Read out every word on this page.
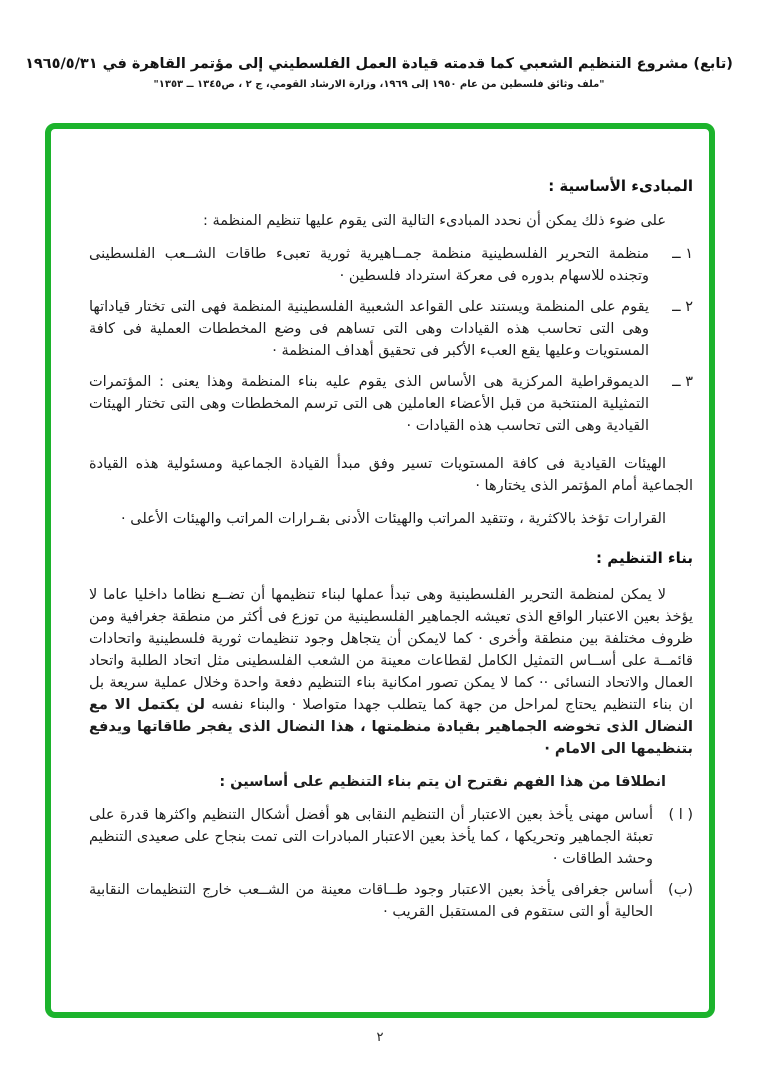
(تابع) مشروع التنظيم الشعبي كما قدمته قيادة العمل الفلسطيني إلى مؤتمر القاهرة في ١٩٦٥/٥/٣١
"ملف وثائق فلسطين من عام ١٩٥٠ إلى ١٩٦٩، وزارة الارشاد القومي، ج ٢ ، ص١٣٤٥ ــ ١٣٥٣"
المبادىء الأساسية :

على ضوء ذلك يمكن أن نحدد المبادىء التالية التى يقوم عليها تنظيم المنظمة :

١ ــ
منظمة التحرير الفلسطينية منظمة جمــاهيرية ثورية تعبىء طاقات الشــعب الفلسطينى وتجنده للاسهام بدوره فى معركة استرداد فلسطين ·
٢ ــ
يقوم على المنظمة ويستند على القواعد الشعبية الفلسطينية المنظمة فهى التى تختار قياداتها وهى التى تحاسب هذه القيادات وهى التى تساهم فى وضع المخططات العملية فى كافة المستويات وعليها يقع العبء الأكبر فى تحقيق أهداف المنظمة ·
٣ ــ
الديموقراطية المركزية هى الأساس الذى يقوم عليه بناء المنظمة وهذا يعنى : المؤتمرات التمثيلية المنتخبة من قبل الأعضاء العاملين هى التى ترسم المخططات وهى التى تختار الهيئات القيادية وهى التى تحاسب هذه القيادات ·

الهيئات القيادية فى كافة المستويات تسير وفق مبدأ القيادة الجماعية ومسئولية هذه القيادة الجماعية أمام المؤتمر الذى يختارها ·

القرارات تؤخذ بالاكثرية ، وتتقيد المراتب والهيئات الأدنى بقـرارات المراتب والهيئات الأعلى ·

بناء التنظيم :

لا يمكن لمنظمة التحرير الفلسطينية وهى تبدأ عملها لبناء تنظيمها أن تضــع نظاما داخليا عاما لا يؤخذ بعين الاعتبار الواقع الذى تعيشه الجماهير الفلسطينية من توزع فى أكثر من منطقة جغرافية ومن ظروف مختلفة بين منطقة وأخرى · كما لايمكن أن يتجاهل وجود تنظيمات ثورية فلسطينية واتحادات قائمــة على أســاس التمثيل الكامل لقطاعات معينة من الشعب الفلسطينى مثل اتحاد الطلبة واتحاد العمال والاتحاد النسائى ·· كما لا يمكن تصور امكانية بناء التنظيم دفعة واحدة وخلال عملية سريعة بل ان بناء التنظيم يحتاج لمراحل من جهة كما يتطلب جهدا متواصلا · والبناء نفسه لن يكتمل الا مع النضال الذى تخوضه الجماهير بقيادة منظمتها ، هذا النضال الذى يفجر طاقاتها ويدفع بتنظيمها الى الامام ·

انطلاقا من هذا الفهم نقترح ان يتم بناء التنظيم على أساسين :

( ا )
أساس مهنى يأخذ بعين الاعتبار أن التنظيم النقابى هو أفضل أشكال التنظيم واكثرها قدرة على تعبئة الجماهير وتحريكها ، كما يأخذ بعين الاعتبار المبادرات التى تمت بنجاح على صعيدى التنظيم وحشد الطاقات ·
(ب)
أساس جغرافى يأخذ بعين الاعتبار وجود طــاقات معينة من الشــعب خارج التنظيمات النقابية الحالية أو التى ستقوم فى المستقبل القريب ·
٢
